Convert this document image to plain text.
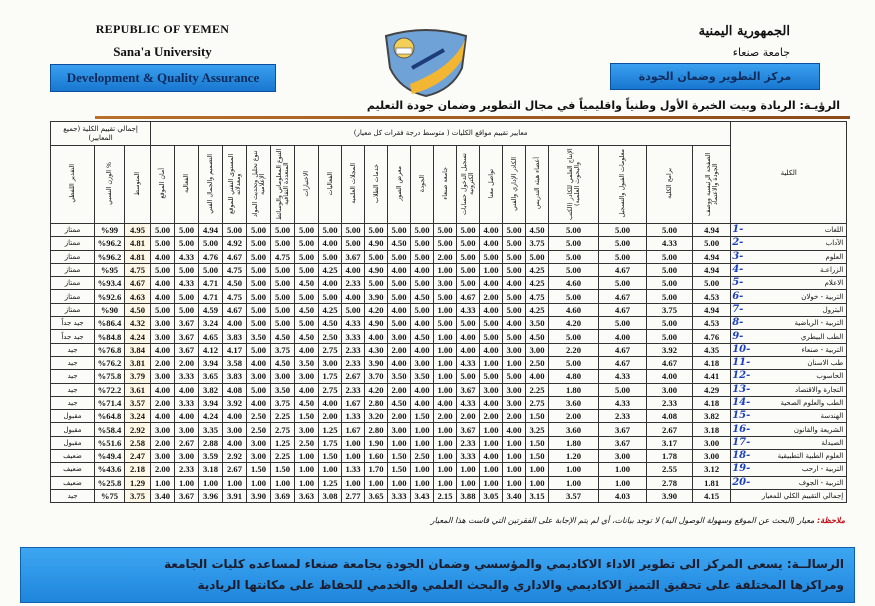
REPUBLIC OF YEMEN
Sana'a University
Development & Quality Assurance
الجمهورية اليمنية
جامعة صنعاء
مركز التطوير وضمان الجودة
الرؤيـة: الريادة وبيت الخبرة الأول وطنياً واقليمياً في مجال التطوير وضمان جودة التعليم
إجمالي تقييم الكلية (جميع المعايير)			معايير تقييم مواقع الكليات ( متوسط درجة فقرات كل معيار)																					الكلية
التقدير اللفظي	الوزن النسبي %	المتوسط	أمان الموقع	الفعالية	التصميم والجمال الفني	المستوى التقني للموقع ومعدلاته	تنوع تحليل وتحديث المواد الإعلامية	التنوع المعلوماتي والوسائط المتعددة الثقافية	الاختبارات	الفعاليات	المجلات العلمية	خدمات الطلاب	معرض الصور	الجودة	جامعة صنعاء	تسجيل الدخول حسابات الكترونية	تواصل معنا	الكادر الإداري والفني	أعضاء هيئة التدريس	الإنتاج العلمي للكادر (الكتب والبحوث العلمية)	معلومات القبول والتسجيل	برامج الكلية	الصفحة الرئيسية ووصف الجودة والاعتماد	
ممتاز	%99	4.95	5.00	5.00	4.94	5.00	5.00	5.00	5.00	5.00	5.00	5.00	5.00	5.00	5.00	5.00	4.00	5.00	4.50	5.00	5.00	5.00	4.94	1- اللغات

ممتاز	%96.2	4.81	5.00	5.00	5.00	4.92	5.00	5.00	5.00	4.00	5.00	4.90	4.50	5.00	5.00	5.00	4.00	5.00	3.75	5.00	5.00	4.33	5.00	2- الآداب

ممتاز	%96.2	4.81	4.00	4.33	4.76	4.67	5.00	4.75	5.00	5.00	3.67	5.00	5.00	5.00	2.00	5.00	5.00	5.00	5.00	5.00	5.00	5.00	4.94	3- العلوم

ممتاز	%95	4.75	5.00	5.00	5.00	4.75	5.00	5.00	5.00	4.25	4.00	4.90	4.00	4.00	1.00	5.00	1.00	5.00	4.25	5.00	4.67	5.00	4.94	4- الزراعـة

ممتاز	%93.4	4.67	4.00	4.33	4.71	4.50	5.00	5.00	4.50	4.00	2.33	5.00	5.00	5.00	3.00	5.00	4.00	4.00	4.25	4.60	5.00	5.00	5.00	5- الاعلام

ممتاز	%92.6	4.63	4.00	5.00	4.71	4.75	5.00	5.00	5.00	5.00	4.00	3.90	5.00	4.50	5.00	4.67	2.00	5.00	4.75	5.00	4.67	5.00	4.53	6- التربية - خولان

ممتاز	%90	4.50	5.00	5.00	4.59	4.67	5.00	5.00	4.50	4.25	5.00	4.20	4.00	5.00	1.00	4.33	4.00	5.00	4.25	4.60	4.67	3.75	4.94	7- البترول

جيد جداً	%86.4	4.32	3.00	3.67	3.24	4.00	5.00	5.00	5.00	4.50	4.33	4.90	5.00	4.00	5.00	5.00	5.00	4.00	3.50	4.20	5.00	5.00	4.53	8- التربية - الرياضية

جيد جداً	%84.8	4.24	3.00	3.67	4.65	3.83	3.50	4.50	4.50	2.50	3.33	4.00	3.00	4.50	1.00	4.00	5.00	5.00	4.50	5.00	4.00	5.00	4.76	9- الطب البيطري

جيد	%76.8	3.84	4.00	3.67	4.12	4.17	5.00	3.75	4.00	2.75	2.33	4.30	2.00	4.00	1.00	4.00	4.00	3.00	3.00	2.20	4.67	3.92	4.35	10- التربية - صنعاء

جيد	%76.2	3.81	2.00	2.00	3.94	3.58	4.00	4.50	3.50	3.00	2.33	3.90	4.00	3.00	1.00	4.33	1.00	1.00	2.50	5.00	4.67	4.67	4.18	11- طب الاسنان

جيد	%75.8	3.79	3.00	3.33	3.65	3.83	3.00	3.00	3.00	1.75	2.67	3.70	3.50	3.50	1.00	5.00	5.00	5.00	4.00	4.80	4.33	4.00	4.41	12- الحاسوب

جيد	%72.2	3.61	4.00	4.00	3.82	4.08	5.00	3.50	4.00	2.75	2.33	4.20	2.00	4.00	1.00	3.67	3.00	3.00	2.25	1.80	5.00	3.00	4.29	13- التجارة والاقتصاد

جيد	%71.4	3.57	2.00	3.33	3.94	3.92	4.00	3.75	4.50	4.00	1.67	2.80	4.50	4.00	4.00	4.33	4.00	3.00	2.75	3.60	4.33	2.33	4.18	14- الطب والعلوم الصحية

مقبول	%64.8	3.24	4.00	4.00	4.24	4.00	2.50	2.25	1.50	2.00	1.33	3.20	2.00	1.50	2.00	2.00	2.00	2.00	1.50	2.00	2.33	4.08	3.82	15- الهندسة

مقبول	%58.4	2.92	3.00	3.00	3.35	3.00	2.50	2.75	3.00	1.25	1.67	2.80	3.00	1.00	1.00	3.67	1.00	4.00	3.25	3.60	3.67	2.67	3.18	16- الشريعة والقانون

مقبول	%51.6	2.58	2.00	2.67	2.88	4.00	3.00	1.25	2.50	1.75	1.00	1.90	1.00	1.00	1.00	2.33	1.00	1.00	1.50	1.80	3.67	3.17	3.00	17- الصيدلة

ضعيف	%49.4	2.47	3.00	3.00	3.59	2.92	3.00	2.25	1.00	1.50	1.00	1.60	1.50	2.50	1.00	3.33	4.00	1.00	1.50	1.20	3.00	1.78	3.00	18- العلوم الطبية التطبيقية

ضعيف	%43.6	2.18	2.00	2.33	3.18	2.67	1.50	1.50	1.00	1.00	1.33	1.70	1.50	1.00	1.00	1.00	1.00	1.00	1.00	1.00	1.00	2.55	3.12	19- التربية - ارحب

ضعيف	%25.8	1.29	1.00	1.00	1.00	1.00	1.00	1.00	1.00	1.25	1.00	1.00	1.00	1.00	1.00	1.00	1.00	1.00	1.00	1.00	1.00	2.78	1.81	20- التربية - الجوف

جيد	%75	3.75	3.40	3.67	3.96	3.91	3.90	3.69	3.63	3.08	2.77	3.65	3.33	3.43	2.15	3.88	3.05	3.40	3.15	3.57	4.03	3.90	4.15	إجمالي التقييم الكلي للمعيار
ملاحظة: معيار (البحث عن الموقع وسهولة الوصول اليه) لا توجد بيانات، أي لم يتم الإجابة على الفقرتين التي قاست هذا المعيار
الرسالــة: يسعى المركز الى تطوير الاداء الاكاديمي والمؤسسي وضمان الجودة بجامعة صنعاء لمساعده كليات الجامعة
ومراكزها المختلفة على تحقيق التميز الاكاديمي والاداري والبحث العلمي والخدمي للحفاظ على مكانتها الريادية
